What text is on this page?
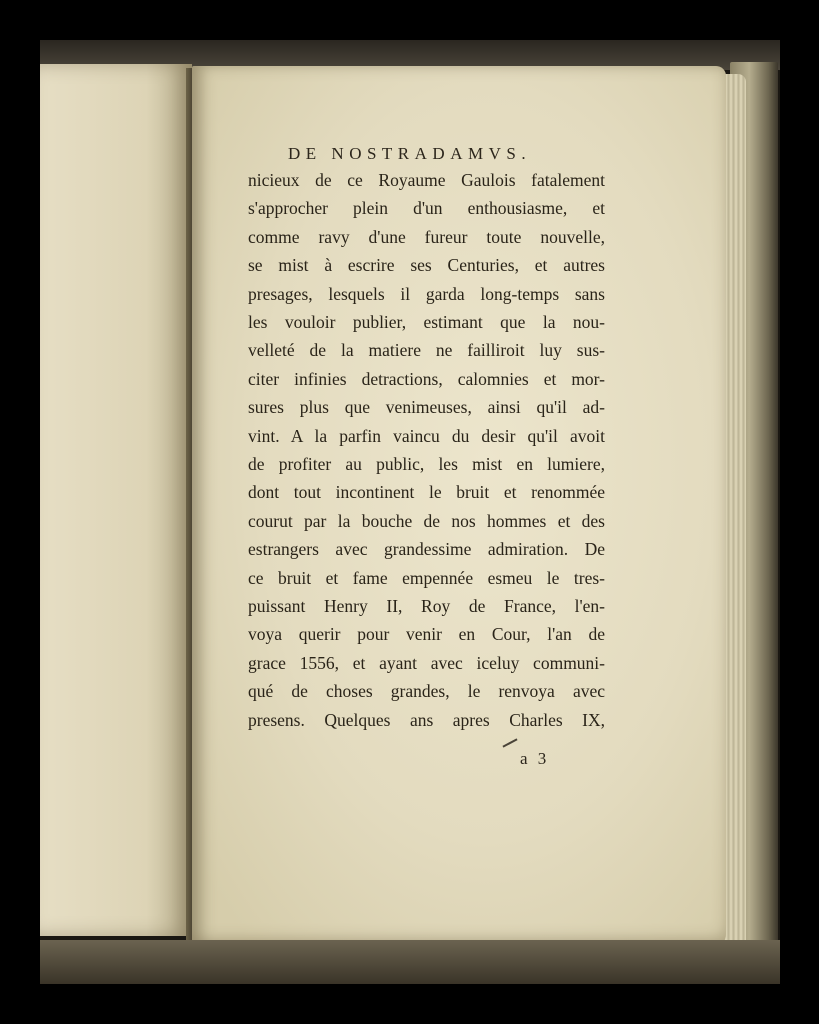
DE NOSTRADAMVS.
nicieux de ce Royaume Gaulois fatalement
s'approcher plein d'un enthousiasme, et
comme ravy d'une fureur toute nouvelle,
se mist à escrire ses Centuries, et autres
presages, lesquels il garda long-temps sans
les vouloir publier, estimant que la nou-
velleté de la matiere ne failliroit luy sus-
citer infinies detractions, calomnies et mor-
sures plus que venimeuses, ainsi qu'il ad-
vint. A la parfin vaincu du desir qu'il avoit
de profiter au public, les mist en lumiere,
dont tout incontinent le bruit et renommée
courut par la bouche de nos hommes et des
estrangers avec grandessime admiration. De
ce bruit et fame empennée esmeu le tres-
puissant Henry II, Roy de France, l'en-
voya querir pour venir en Cour, l'an de
grace 1556, et ayant avec iceluy communi-
qué de choses grandes, le renvoya avec
presens. Quelques ans apres Charles IX,
a 3
